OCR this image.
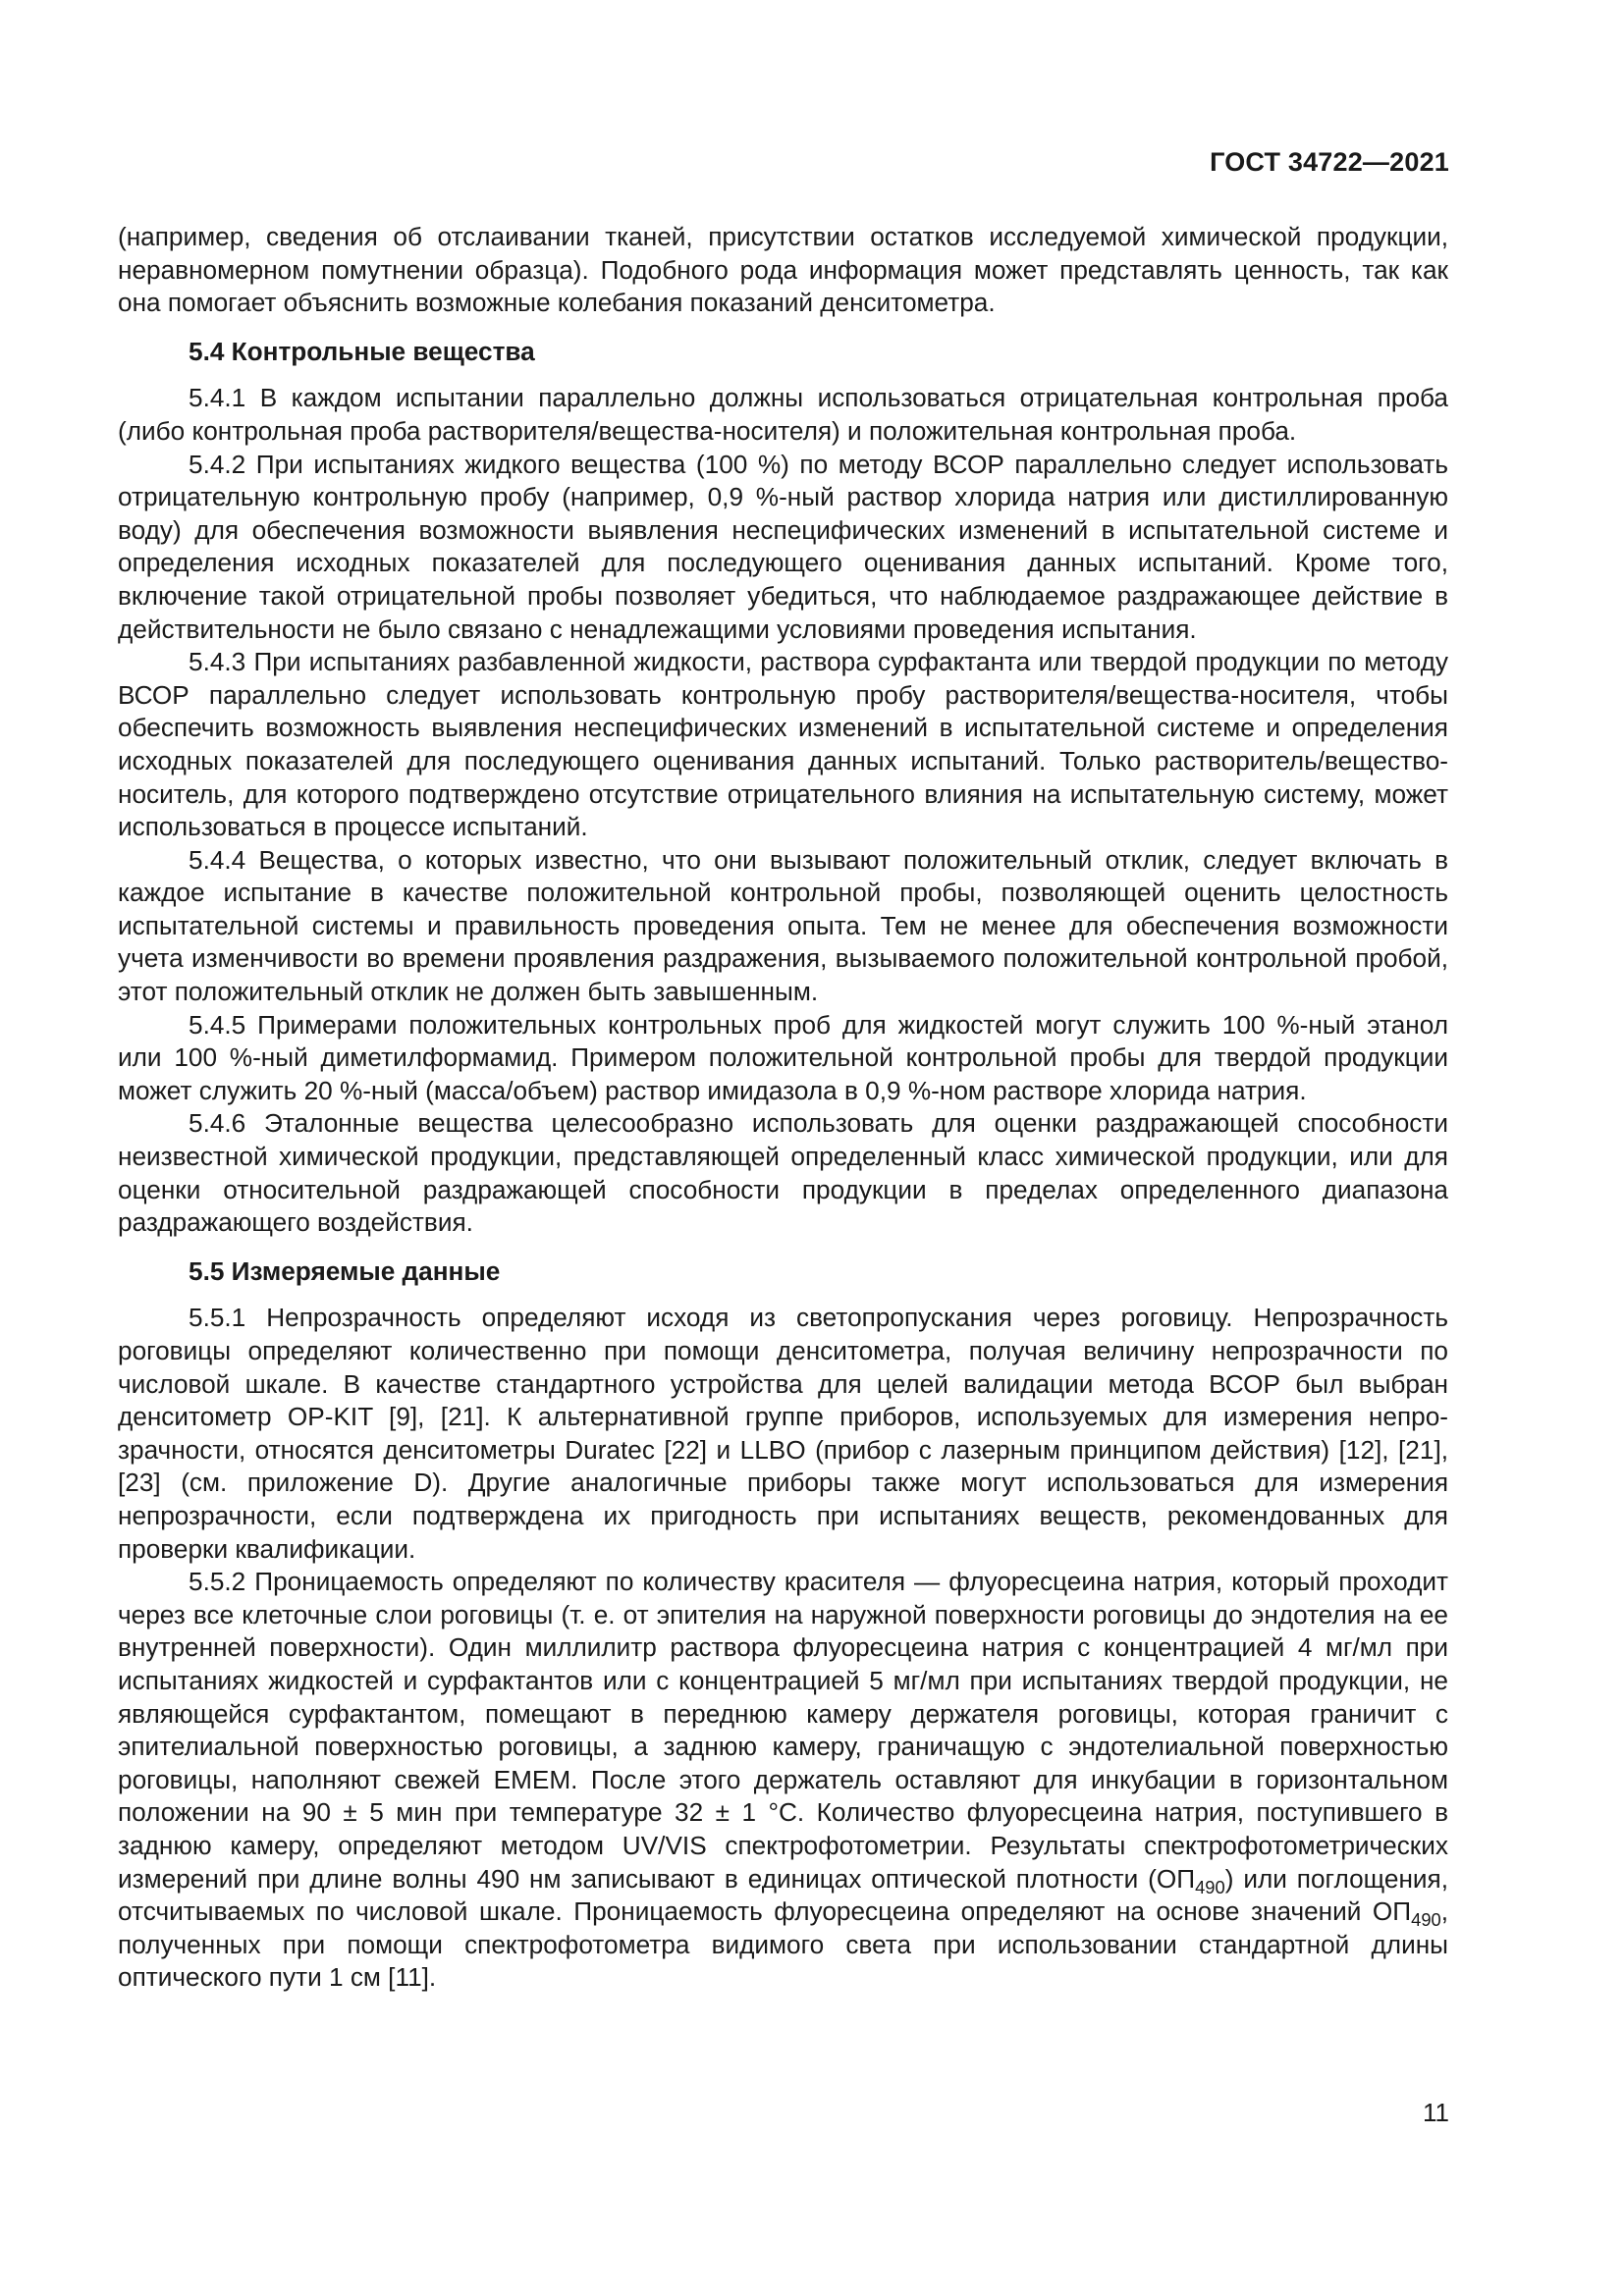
ГОСТ 34722—2021

(например, сведения об отслаивании тканей, присутствии остатков исследуемой химической продукции, неравномерном помутнении образца). Подобного рода информация может представлять ценность, так как она помогает объяснить возможные колебания показаний денситометра.

5.4 Контрольные вещества

5.4.1 В каждом испытании параллельно должны использоваться отрицательная контрольная проба (либо контрольная проба растворителя/вещества-носителя) и положительная контрольная проба.

5.4.2 При испытаниях жидкого вещества (100 %) по методу ВСОР параллельно следует использовать отрицательную контрольную пробу (например, 0,9 %-ный раствор хлорида натрия или дистиллированную воду) для обеспечения возможности выявления неспецифических изменений в испытательной системе и определения исходных показателей для последующего оценивания данных испытаний. Кроме того, включение такой отрицательной пробы позволяет убедиться, что наблюдаемое раздражающее действие в действительности не было связано с ненадлежащими условиями проведения испытания.

5.4.3 При испытаниях разбавленной жидкости, раствора сурфактанта или твердой продукции по методу ВСОР параллельно следует использовать контрольную пробу растворителя/вещества-носителя, чтобы обеспечить возможность выявления неспецифических изменений в испытательной системе и определения исходных показателей для последующего оценивания данных испытаний. Только растворитель/вещество-носитель, для которого подтверждено отсутствие отрицательного влияния на испытательную систему, может использоваться в процессе испытаний.

5.4.4 Вещества, о которых известно, что они вызывают положительный отклик, следует включать в каждое испытание в качестве положительной контрольной пробы, позволяющей оценить целостность испытательной системы и правильность проведения опыта. Тем не менее для обеспечения возможности учета изменчивости во времени проявления раздражения, вызываемого положительной контрольной пробой, этот положительный отклик не должен быть завышенным.

5.4.5 Примерами положительных контрольных проб для жидкостей могут служить 100 %-ный этанол или 100 %-ный диметилформамид. Примером положительной контрольной пробы для твердой продукции может служить 20 %-ный (масса/объем) раствор имидазола в 0,9 %-ном растворе хлорида натрия.

5.4.6 Эталонные вещества целесообразно использовать для оценки раздражающей способности неизвестной химической продукции, представляющей определенный класс химической продукции, или для оценки относительной раздражающей способности продукции в пределах определенного диапазона раздражающего воздействия.

5.5 Измеряемые данные

5.5.1 Непрозрачность определяют исходя из светопропускания через роговицу. Непрозрачность роговицы определяют количественно при помощи денситометра, получая величину непрозрачности по числовой шкале. В качестве стандартного устройства для целей валидации метода ВСОР был выбран денситометр OP-KIT [9], [21]. К альтернативной группе приборов, используемых для измерения непрозрачности, относятся денситометры Duratec [22] и LLBO (прибор с лазерным принципом действия) [12], [21], [23] (см. приложение D). Другие аналогичные приборы также могут использоваться для измерения непрозрачности, если подтверждена их пригодность при испытаниях веществ, рекомендованных для проверки квалификации.

5.5.2 Проницаемость определяют по количеству красителя — флуоресцеина натрия, который проходит через все клеточные слои роговицы (т. е. от эпителия на наружной поверхности роговицы до эндотелия на ее внутренней поверхности). Один миллилитр раствора флуоресцеина натрия с концентрацией 4 мг/мл при испытаниях жидкостей и сурфактантов или с концентрацией 5 мг/мл при испытаниях твердой продукции, не являющейся сурфактантом, помещают в переднюю камеру держателя роговицы, которая граничит с эпителиальной поверхностью роговицы, а заднюю камеру, граничащую с эндотелиальной поверхностью роговицы, наполняют свежей ЕМЕМ. После этого держатель оставляют для инкубации в горизонтальном положении на 90 ± 5 мин при температуре 32 ± 1 °С. Количество флуоресцеина натрия, поступившего в заднюю камеру, определяют методом UV/VIS спектрофотометрии. Результаты спектрофотометрических измерений при длине волны 490 нм записывают в единицах оптической плотности $(ОП_{490})$ или поглощения, отсчитываемых по числовой шкале. Проницаемость флуоресцеина определяют на основе значений $ОП_{490}$, полученных при помощи спектрофотометра видимого света при использовании стандартной длины оптического пути 1 см [11].

11
